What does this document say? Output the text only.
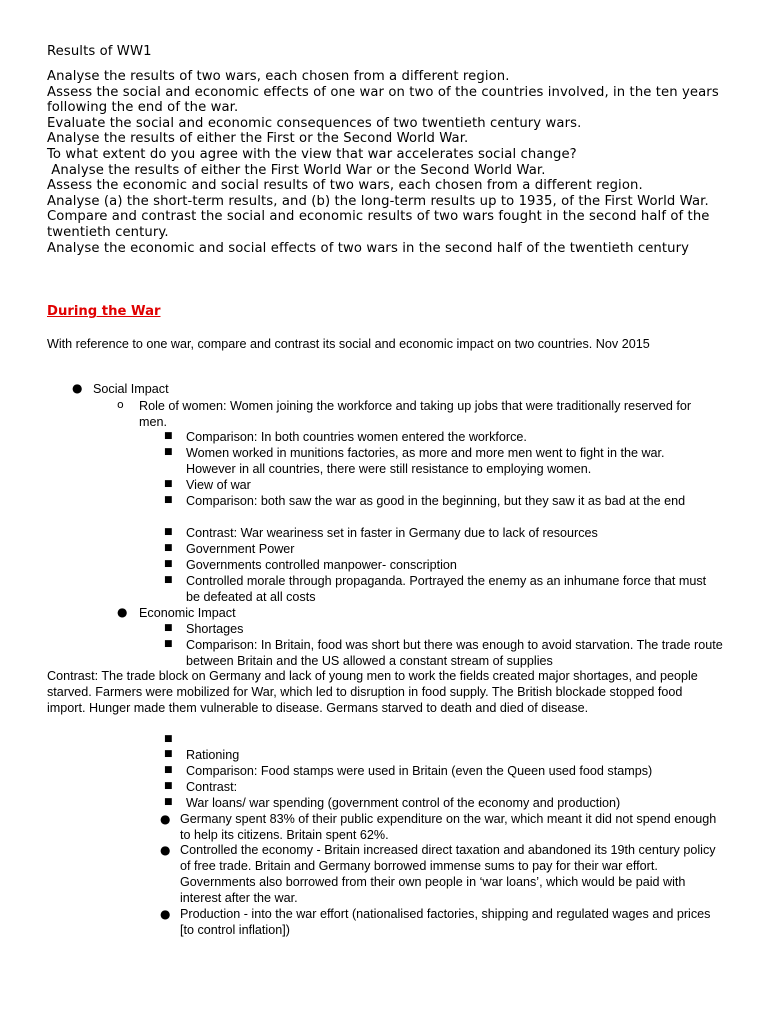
Results of WW1
Analyse the results of two wars, each chosen from a different region.
Assess the social and economic effects of one war on two of the countries involved, in the ten years following the end of the war.
Evaluate the social and economic consequences of two twentieth century wars.
Analyse the results of either the First or the Second World War.
To what extent do you agree with the view that war accelerates social change?
Analyse the results of either the First World War or the Second World War.
Assess the economic and social results of two wars, each chosen from a different region.
Analyse (a) the short-term results, and (b) the long-term results up to 1935, of the First World War.
Compare and contrast the social and economic results of two wars fought in the second half of the twentieth century.
Analyse the economic and social effects of two wars in the second half of the twentieth century
During the War
With reference to one war, compare and contrast its social and economic impact on two countries. Nov 2015
● Social Impact
o Role of women: Women joining the workforce and taking up jobs that were traditionally reserved for men.
■ Comparison: In both countries women entered the workforce.
■ Women worked in munitions factories, as more and more men went to fight in the war. However in all countries, there were still resistance to employing women.
■ View of war
■ Comparison: both saw the war as good in the beginning, but they saw it as bad at the end
■ Contrast: War weariness set in faster in Germany due to lack of resources
■ Government Power
■ Governments controlled manpower- conscription
■ Controlled morale through propaganda. Portrayed the enemy as an inhumane force that must be defeated at all costs
● Economic Impact
■ Shortages
■ Comparison: In Britain, food was short but there was enough to avoid starvation. The trade route between Britain and the US allowed a constant stream of supplies
Contrast: The trade block on Germany and lack of young men to work the fields created major shortages, and people starved. Farmers were mobilized for War, which led to disruption in food supply. The British blockade stopped food import. Hunger made them vulnerable to disease. Germans starved to death and died of disease.
■
■ Rationing
■ Comparison: Food stamps were used in Britain (even the Queen used food stamps)
■ Contrast:
■ War loans/ war spending (government control of the economy and production)
● Germany spent 83% of their public expenditure on the war, which meant it did not spend enough to help its citizens. Britain spent 62%.
● Controlled the economy - Britain increased direct taxation and abandoned its 19th century policy of free trade. Britain and Germany borrowed immense sums to pay for their war effort. Governments also borrowed from their own people in ‘war loans’, which would be paid with interest after the war.
● Production - into the war effort (nationalised factories, shipping and regulated wages and prices [to control inflation])
